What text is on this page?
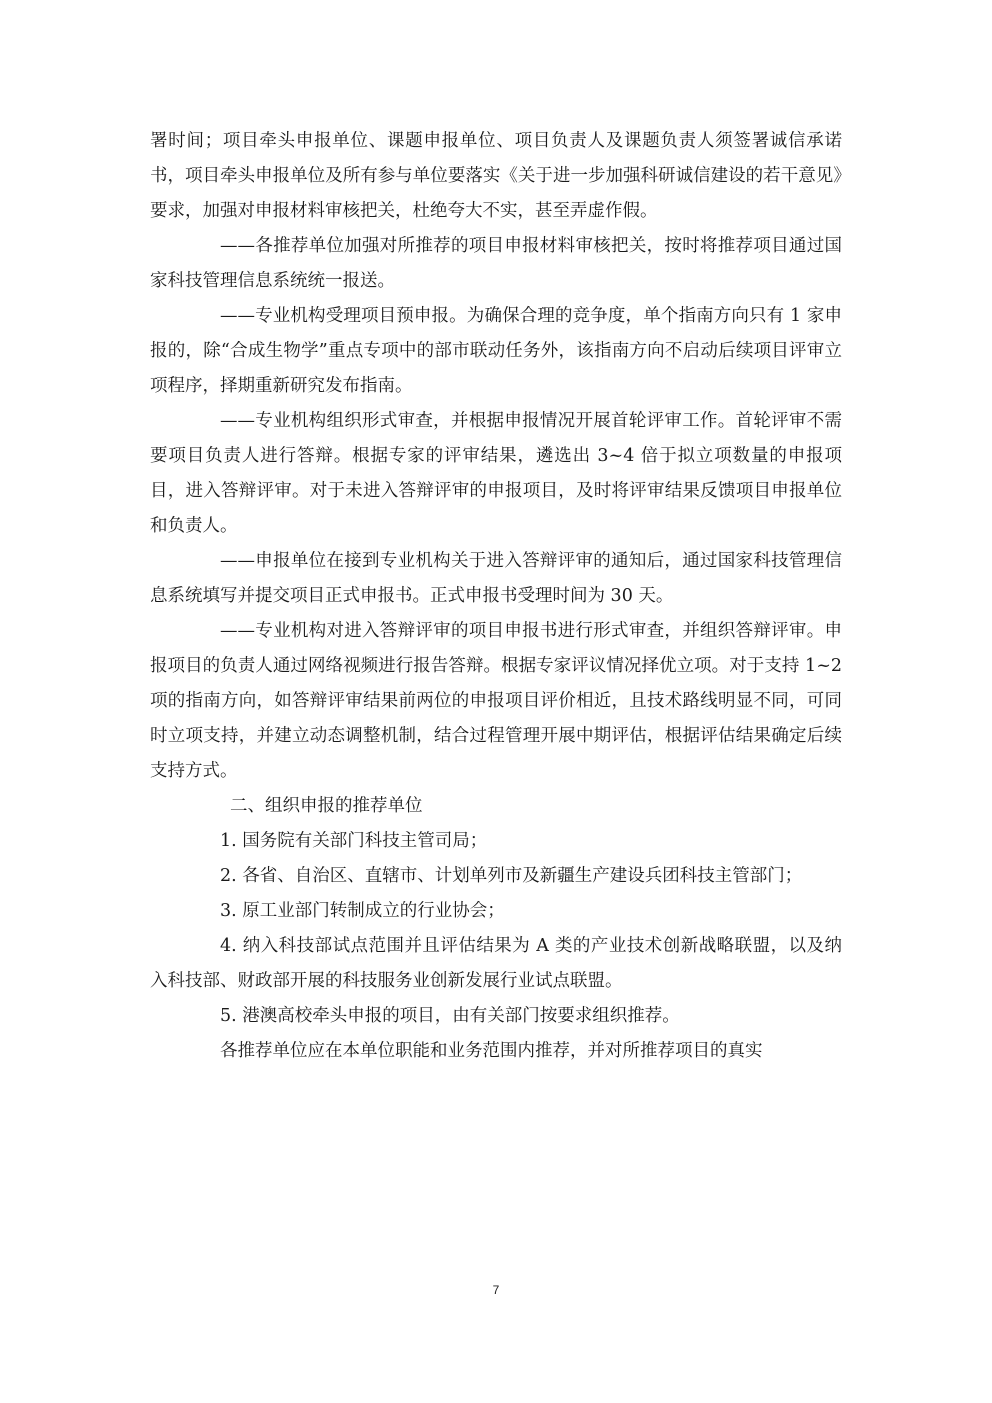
署时间；项目牵头申报单位、课题申报单位、项目负责人及课题负责人须签署诚信承诺书，项目牵头申报单位及所有参与单位要落实《关于进一步加强科研诚信建设的若干意见》要求，加强对申报材料审核把关，杜绝夸大不实，甚至弄虚作假。

——各推荐单位加强对所推荐的项目申报材料审核把关，按时将推荐项目通过国家科技管理信息系统统一报送。

——专业机构受理项目预申报。为确保合理的竞争度，单个指南方向只有 1 家申报的，除“合成生物学”重点专项中的部市联动任务外，该指南方向不启动后续项目评审立项程序，择期重新研究发布指南。

——专业机构组织形式审查，并根据申报情况开展首轮评审工作。首轮评审不需要项目负责人进行答辩。根据专家的评审结果，遴选出 3~4 倍于拟立项数量的申报项目，进入答辩评审。对于未进入答辩评审的申报项目，及时将评审结果反馈项目申报单位和负责人。

——申报单位在接到专业机构关于进入答辩评审的通知后，通过国家科技管理信息系统填写并提交项目正式申报书。正式申报书受理时间为 30 天。

——专业机构对进入答辩评审的项目申报书进行形式审查，并组织答辩评审。申报项目的负责人通过网络视频进行报告答辩。根据专家评议情况择优立项。对于支持 1~2 项的指南方向，如答辩评审结果前两位的申报项目评价相近，且技术路线明显不同，可同时立项支持，并建立动态调整机制，结合过程管理开展中期评估，根据评估结果确定后续支持方式。

二、组织申报的推荐单位

1. 国务院有关部门科技主管司局；

2. 各省、自治区、直辖市、计划单列市及新疆生产建设兵团科技主管部门；

3. 原工业部门转制成立的行业协会；

4. 纳入科技部试点范围并且评估结果为 A 类的产业技术创新战略联盟，以及纳入科技部、财政部开展的科技服务业创新发展行业试点联盟。

5. 港澳高校牵头申报的项目，由有关部门按要求组织推荐。

各推荐单位应在本单位职能和业务范围内推荐，并对所推荐项目的真实

7
